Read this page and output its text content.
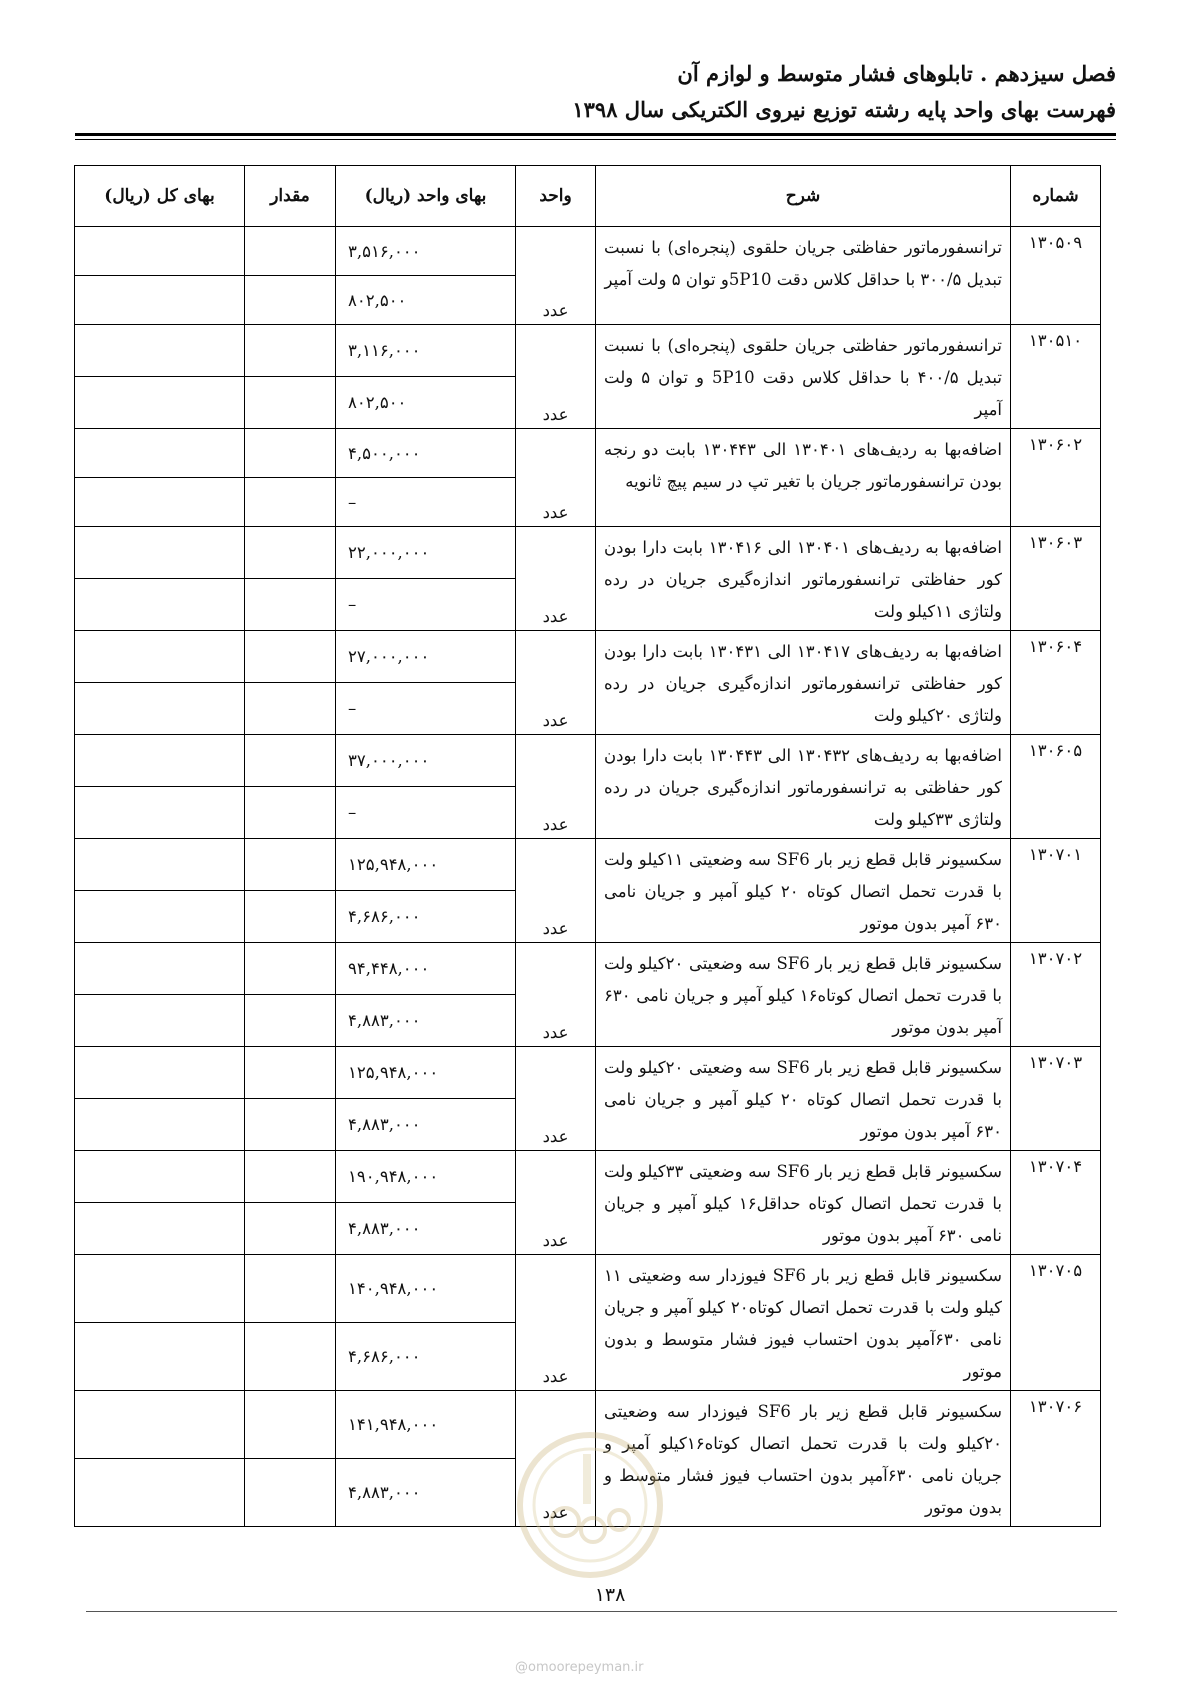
فصل سیزدهم . تابلوهای فشار متوسط و لوازم آن
فهرست بهای واحد پایه رشته توزیع نیروی الکتریکی سال ۱۳۹۸
شماره	شرح	واحد	بهای واحد (ریال)	مقدار	بهای کل (ریال)
۱۳۰۵۰۹	ترانسفورماتور حفاظتی جریان حلقوی (پنجره‌ای) با نسبت تبدیل ۳۰۰/۵ با حداقل کلاس دقت 5P10و توان ۵ ولت آمپر	عدد	۳,۵۱۶,۰۰۰		
			۸۰۲,۵۰۰		
۱۳۰۵۱۰	ترانسفورماتور حفاظتی جریان حلقوی (پنجره‌ای) با نسبت تبدیل ۴۰۰/۵ با حداقل کلاس دقت 5P10 و توان ۵ ولت آمپر	عدد	۳,۱۱۶,۰۰۰		
			۸۰۲,۵۰۰		
۱۳۰۶۰۲	اضافه‌بها به ردیف‌های ۱۳۰۴۰۱ الی ۱۳۰۴۴۳ بابت دو رنجه بودن ترانسفورماتور جریان با تغیر تپ در سیم پیچ ثانویه	عدد	۴,۵۰۰,۰۰۰		
			–		
۱۳۰۶۰۳	اضافه‌بها به ردیف‌های ۱۳۰۴۰۱ الی ۱۳۰۴۱۶ بابت دارا بودن کور حفاظتی ترانسفورماتور اندازه‌گیری جریان در رده ولتاژی ۱۱کیلو ولت	عدد	۲۲,۰۰۰,۰۰۰		
			–		
۱۳۰۶۰۴	اضافه‌بها به ردیف‌های ۱۳۰۴۱۷ الی ۱۳۰۴۳۱ بابت دارا بودن کور حفاظتی ترانسفورماتور اندازه‌گیری جریان در رده ولتاژی ۲۰کیلو ولت	عدد	۲۷,۰۰۰,۰۰۰		
			–		
۱۳۰۶۰۵	اضافه‌بها به ردیف‌های ۱۳۰۴۳۲ الی ۱۳۰۴۴۳ بابت دارا بودن کور حفاظتی به ترانسفورماتور اندازه‌گیری جریان در رده ولتاژی ۳۳کیلو ولت	عدد	۳۷,۰۰۰,۰۰۰		
			–		
۱۳۰۷۰۱	سکسیونر قابل قطع زیر بار SF6 سه وضعیتی ۱۱کیلو ولت با قدرت تحمل اتصال کوتاه ۲۰ کیلو آمپر و جریان نامی ۶۳۰ آمپر بدون موتور	عدد	۱۲۵,۹۴۸,۰۰۰		
			۴,۶۸۶,۰۰۰		
۱۳۰۷۰۲	سکسیونر قابل قطع زیر بار SF6 سه وضعیتی ۲۰کیلو ولت با قدرت تحمل اتصال کوتاه۱۶ کیلو آمپر و جریان نامی ۶۳۰ آمپر بدون موتور	عدد	۹۴,۴۴۸,۰۰۰		
			۴,۸۸۳,۰۰۰		
۱۳۰۷۰۳	سکسیونر قابل قطع زیر بار SF6 سه وضعیتی ۲۰کیلو ولت با قدرت تحمل اتصال کوتاه ۲۰ کیلو آمپر و جریان نامی ۶۳۰ آمپر بدون موتور	عدد	۱۲۵,۹۴۸,۰۰۰		
			۴,۸۸۳,۰۰۰		
۱۳۰۷۰۴	سکسیونر قابل قطع زیر بار SF6 سه وضعیتی ۳۳کیلو ولت با قدرت تحمل اتصال کوتاه حداقل۱۶ کیلو آمپر و جریان نامی ۶۳۰ آمپر بدون موتور	عدد	۱۹۰,۹۴۸,۰۰۰		
			۴,۸۸۳,۰۰۰		
۱۳۰۷۰۵	سکسیونر قابل قطع زیر بار SF6 فیوزدار سه وضعیتی ۱۱ کیلو ولت با قدرت تحمل اتصال کوتاه۲۰ کیلو آمپر و جریان نامی ۶۳۰آمپر بدون احتساب فیوز فشار متوسط و بدون موتور	عدد	۱۴۰,۹۴۸,۰۰۰		
			۴,۶۸۶,۰۰۰		
۱۳۰۷۰۶	سکسیونر قابل قطع زیر بار SF6 فیوزدار سه وضعیتی ۲۰کیلو ولت با قدرت تحمل اتصال کوتاه۱۶کیلو آمپر و جریان نامی ۶۳۰آمپر بدون احتساب فیوز فشار متوسط و بدون موتور	عدد	۱۴۱,۹۴۸,۰۰۰		
			۴,۸۸۳,۰۰۰		
۱۳۸
@omoorepeyman.ir
